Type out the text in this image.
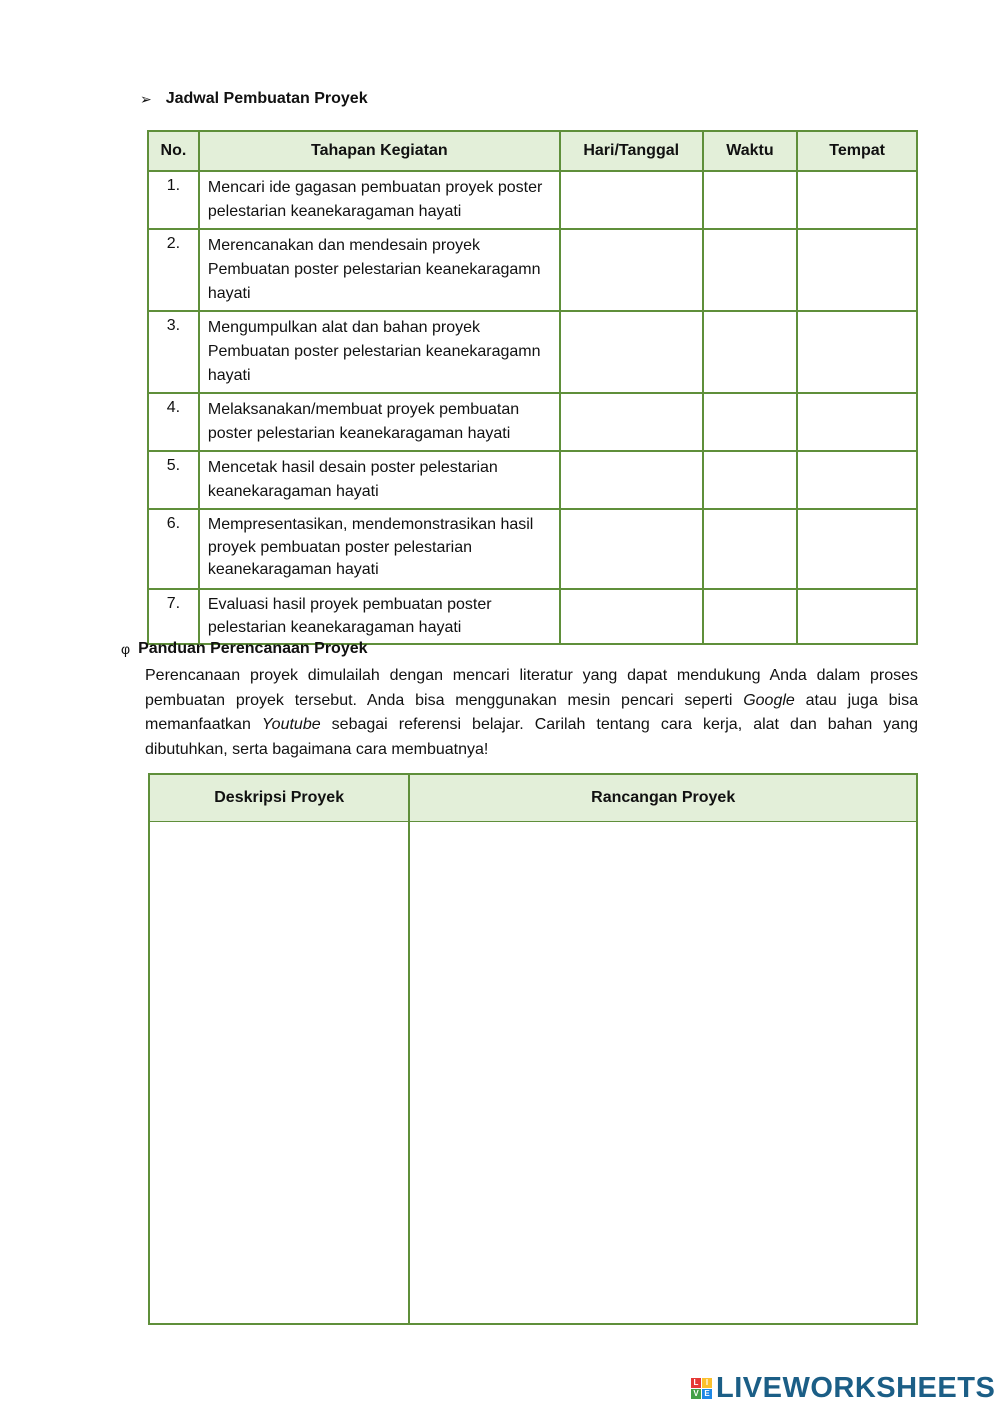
➢ Jadwal Pembuatan Proyek
No.	Tahapan Kegiatan	Hari/Tanggal	Waktu	Tempat
1.	Mencari ide gagasan pembuatan proyek poster pelestarian keanekaragaman hayati			
2.	Merencanakan dan mendesain proyek Pembuatan poster pelestarian keanekaragamn hayati			
3.	Mengumpulkan alat dan bahan proyek Pembuatan poster pelestarian keanekaragamn hayati			
4.	Melaksanakan/membuat proyek pembuatan poster pelestarian keanekaragaman hayati			
5.	Mencetak hasil desain poster pelestarian keanekaragaman hayati			
6.	Mempresentasikan, mendemonstrasikan hasil proyek pembuatan poster pelestarian keanekaragaman hayati			
7.	Evaluasi hasil proyek pembuatan poster pelestarian keanekaragaman hayati			
φ Panduan Perencanaan Proyek

Perencanaan proyek dimulailah dengan mencari literatur yang dapat mendukung Anda dalam proses pembuatan proyek tersebut. Anda bisa menggunakan mesin pencari seperti Google atau juga bisa memanfaatkan Youtube sebagai referensi belajar. Carilah tentang cara kerja, alat dan bahan yang dibutuhkan, serta bagaimana cara membuatnya!

Deskripsi Proyek	Rancangan Proyek

L I
V E LIVEWORKSHEETS
